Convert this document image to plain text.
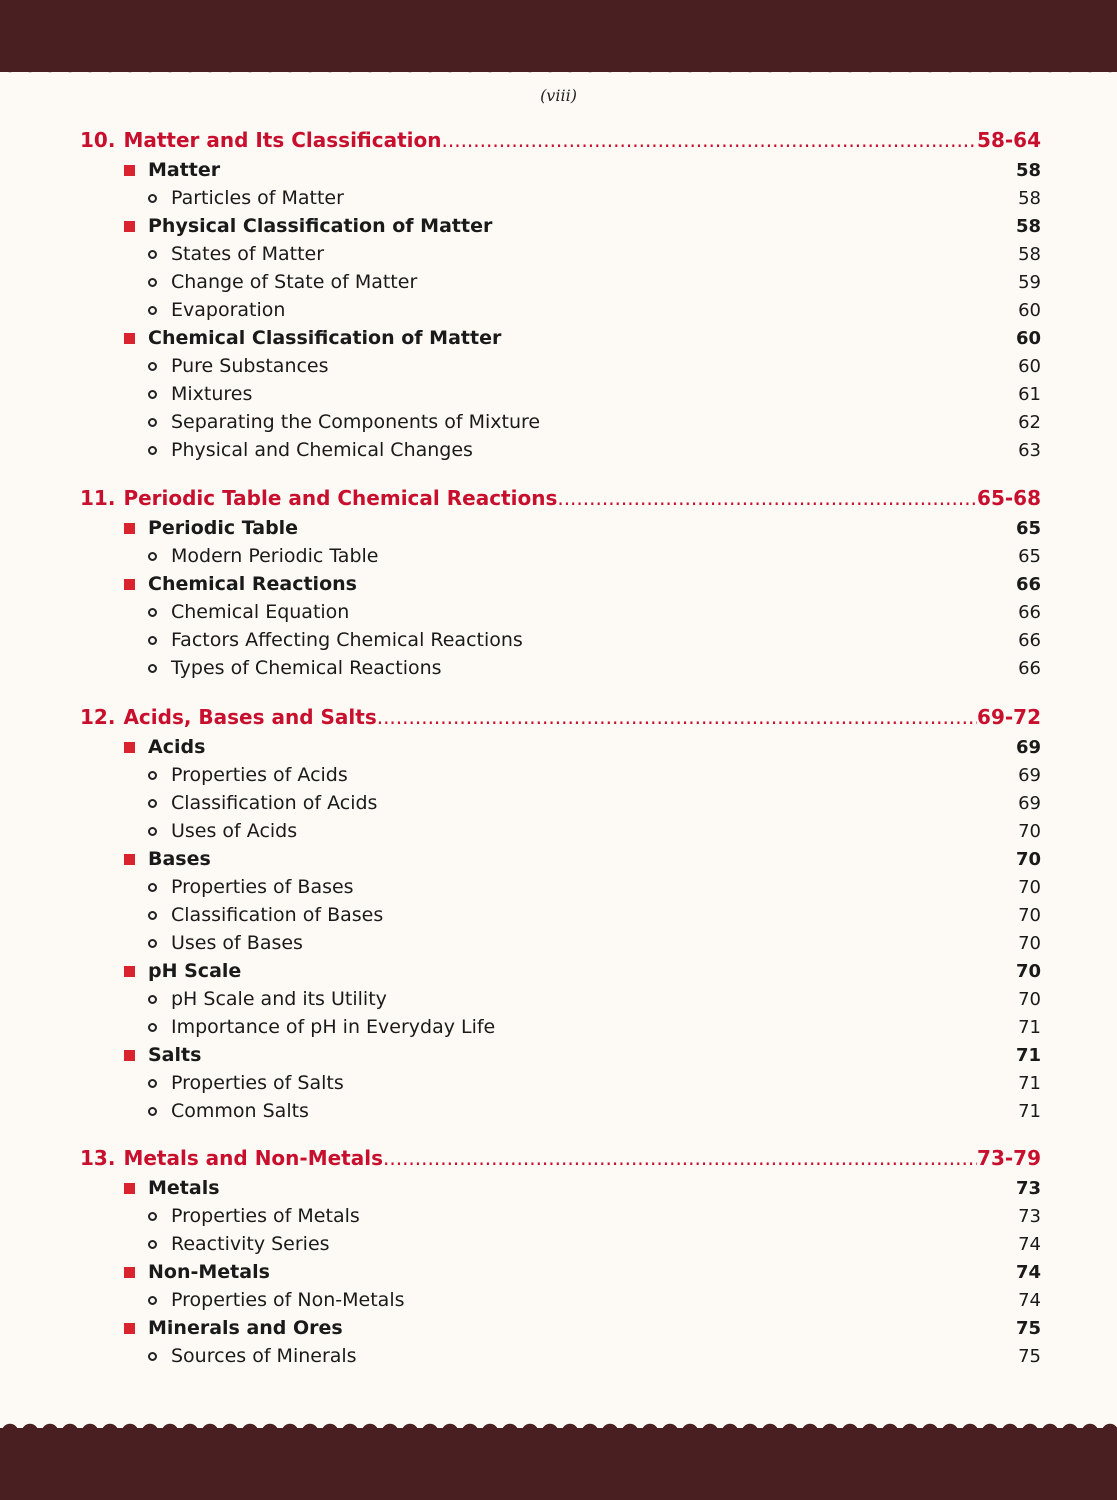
(viii)
10. Matter and Its Classification .....	58-64
Matter	58
Particles of Matter	58
Physical Classification of Matter	58
States of Matter	58
Change of State of Matter	59
Evaporation	60
Chemical Classification of Matter	60
Pure Substances	60
Mixtures	61
Separating the Components of Mixture	62
Physical and Chemical Changes	63
11. Periodic Table and Chemical Reactions .....	65-68
Periodic Table	65
Modern Periodic Table	65
Chemical Reactions	66
Chemical Equation	66
Factors Affecting Chemical Reactions	66
Types of Chemical Reactions	66
12. Acids, Bases and Salts .....	69-72
Acids	69
Properties of Acids	69
Classification of Acids	69
Uses of Acids	70
Bases	70
Properties of Bases	70
Classification of Bases	70
Uses of Bases	70
pH Scale	70
pH Scale and its Utility	70
Importance of pH in Everyday Life	71
Salts	71
Properties of Salts	71
Common Salts	71
13. Metals and Non-Metals .....	73-79
Metals	73
Properties of Metals	73
Reactivity Series	74
Non-Metals	74
Properties of Non-Metals	74
Minerals and Ores	75
Sources of Minerals	75
